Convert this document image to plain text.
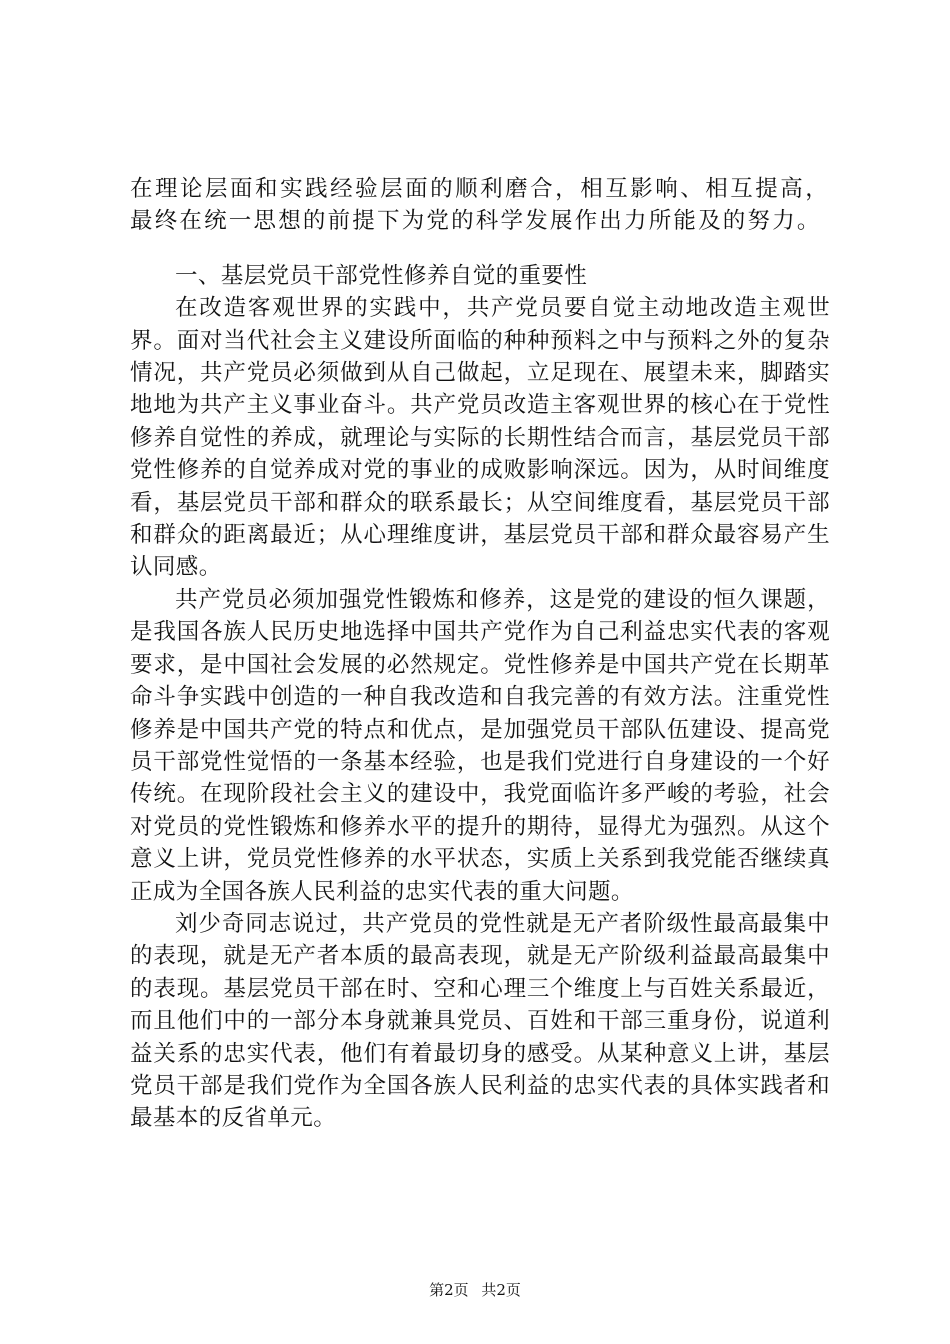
在理论层面和实践经验层面的顺利磨合，相互影响、相互提高，最终在统一思想的前提下为党的科学发展作出力所能及的努力。

一、基层党员干部党性修养自觉的重要性

在改造客观世界的实践中，共产党员要自觉主动地改造主观世界。面对当代社会主义建设所面临的种种预料之中与预料之外的复杂情况，共产党员必须做到从自己做起，立足现在、展望未来，脚踏实地地为共产主义事业奋斗。共产党员改造主客观世界的核心在于党性修养自觉性的养成，就理论与实际的长期性结合而言，基层党员干部党性修养的自觉养成对党的事业的成败影响深远。因为，从时间维度看，基层党员干部和群众的联系最长；从空间维度看，基层党员干部和群众的距离最近；从心理维度讲，基层党员干部和群众最容易产生认同感。

共产党员必须加强党性锻炼和修养，这是党的建设的恒久课题，是我国各族人民历史地选择中国共产党作为自己利益忠实代表的客观要求，是中国社会发展的必然规定。党性修养是中国共产党在长期革命斗争实践中创造的一种自我改造和自我完善的有效方法。注重党性修养是中国共产党的特点和优点，是加强党员干部队伍建设、提高党员干部党性觉悟的一条基本经验，也是我们党进行自身建设的一个好传统。在现阶段社会主义的建设中，我党面临许多严峻的考验，社会对党员的党性锻炼和修养水平的提升的期待，显得尤为强烈。从这个意义上讲，党员党性修养的水平状态，实质上关系到我党能否继续真正成为全国各族人民利益的忠实代表的重大问题。

刘少奇同志说过，共产党员的党性就是无产者阶级性最高最集中的表现，就是无产者本质的最高表现，就是无产阶级利益最高最集中的表现。基层党员干部在时、空和心理三个维度上与百姓关系最近，而且他们中的一部分本身就兼具党员、百姓和干部三重身份，说道利益关系的忠实代表，他们有着最切身的感受。从某种意义上讲，基层党员干部是我们党作为全国各族人民利益的忠实代表的具体实践者和最基本的反省单元。

第2页 共2页
